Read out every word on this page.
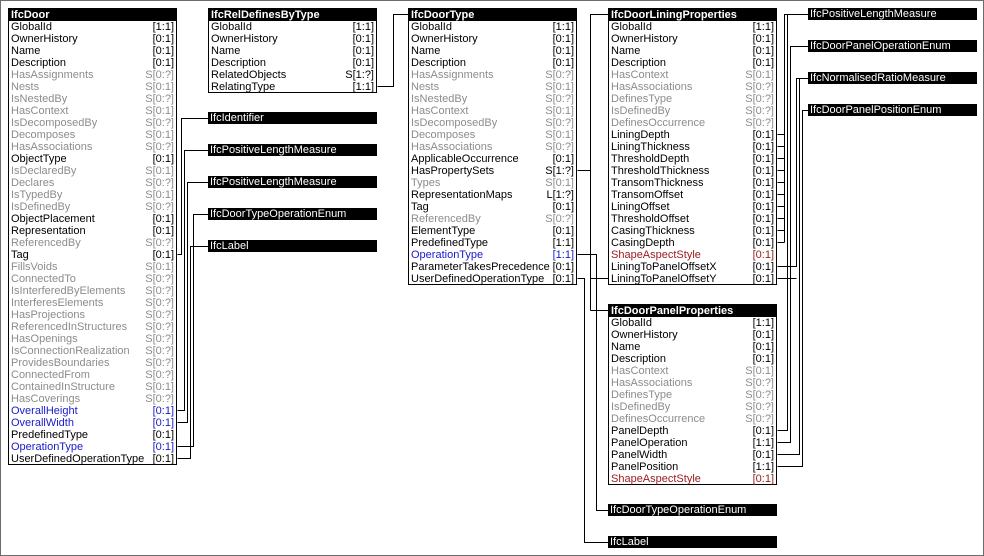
IfcDoor
GlobalId	[1:1]
OwnerHistory	[0:1]
Name	[0:1]
Description	[0:1]
HasAssignments	S[0:?]
Nests	S[0:1]
IsNestedBy	S[0:?]
HasContext	S[0:1]
IsDecomposedBy	S[0:?]
Decomposes	S[0:1]
HasAssociations	S[0:?]
ObjectType	[0:1]
IsDeclaredBy	S[0:1]
Declares	S[0:?]
IsTypedBy	S[0:1]
IsDefinedBy	S[0:?]
ObjectPlacement	[0:1]
Representation	[0:1]
ReferencedBy	S[0:?]
Tag	[0:1]
FillsVoids	S[0:1]
ConnectedTo	S[0:?]
IsInterferedByElements S[0:?]
InterferesElements	S[0:?]
HasProjections	S[0:?]
ReferencedInStructures S[0:?]
HasOpenings	S[0:?]
IsConnectionRealization S[0:?]
ProvidesBoundaries	S[0:?]
ConnectedFrom	S[0:?]
ContainedInStructure	S[0:1]
HasCoverings	S[0:?]
OverallHeight	[0:1]
OverallWidth	[0:1]
PredefinedType	[0:1]
OperationType	[0:1]
UserDefinedOperationType [0:1]
IfcRelDefinesByType
GlobalId	[1:1]
OwnerHistory	[0:1]
Name	[0:1]
Description	[0:1]
RelatedObjects	S[1:?]
RelatingType	[1:1]
IfcDoorType
GlobalId	[1:1]
OwnerHistory	[0:1]
Name	[0:1]
Description	[0:1]
HasAssignments	S[0:?]
Nests	S[0:1]
IsNestedBy	S[0:?]
HasContext	S[0:1]
IsDecomposedBy	S[0:?]
Decomposes	S[0:1]
HasAssociations	S[0:?]
ApplicableOccurrence	[0:1]
HasPropertySets	S[1:?]
Types	S[0:1]
RepresentationMaps	L[1:?]
Tag	[0:1]
ReferencedBy	S[0:?]
ElementType	[0:1]
PredefinedType	[1:1]
OperationType	[1:1]
ParameterTakesPrecedence [0:1]
UserDefinedOperationType [0:1]
IfcDoorLiningProperties
GlobalId	[1:1]
OwnerHistory	[0:1]
Name	[0:1]
Description	[0:1]
HasContext	S[0:1]
HasAssociations	S[0:?]
DefinesType	S[0:?]
IsDefinedBy	S[0:?]
DefinesOccurrence	S[0:?]
LiningDepth	[0:1]
LiningThickness	[0:1]
ThresholdDepth	[0:1]
ThresholdThickness	[0:1]
TransomThickness	[0:1]
TransomOffset	[0:1]
LiningOffset	[0:1]
ThresholdOffset	[0:1]
CasingThickness	[0:1]
CasingDepth	[0:1]
ShapeAspectStyle	[0:1]
LiningToPanelOffsetX	[0:1]
LiningToPanelOffsetY	[0:1]
IfcDoorPanelProperties
GlobalId	[1:1]
OwnerHistory	[0:1]
Name	[0:1]
Description	[0:1]
HasContext	S[0:1]
HasAssociations	S[0:?]
DefinesType	S[0:?]
IsDefinedBy	S[0:?]
DefinesOccurrence	S[0:?]
PanelDepth	[0:1]
PanelOperation	[1:1]
PanelWidth	[0:1]
PanelPosition	[1:1]
ShapeAspectStyle	[0:1]
IfcIdentifier
IfcPositiveLengthMeasure
IfcPositiveLengthMeasure
IfcDoorTypeOperationEnum
IfcLabel
IfcPositiveLengthMeasure
IfcDoorPanelOperationEnum
IfcNormalisedRatioMeasure
IfcDoorPanelPositionEnum
IfcDoorTypeOperationEnum
IfcLabel
